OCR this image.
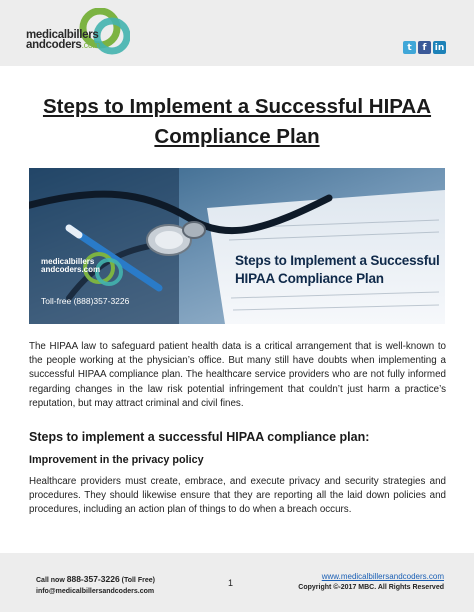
medicalbillers
andcoders.com	t f in
Steps to Implement a Successful HIPAA Compliance Plan
medicalbillers
andcoders.com
Toll-free (888)357-3226
Steps to Implement a Successful
HIPAA Compliance Plan

The HIPAA law to safeguard patient health data is a critical arrangement that is well-known to the people working at the physician’s office. But many still have doubts when implementing a successful HIPAA compliance plan. The healthcare service providers who are not fully informed regarding changes in the law risk potential infringement that couldn’t just harm a practice’s reputation, but may attract criminal and civil fines.

Steps to implement a successful HIPAA compliance plan:
Improvement in the privacy policy

Healthcare providers must create, embrace, and execute privacy and security strategies and procedures. They should likewise ensure that they are reporting all the laid down policies and procedures, including an action plan of things to do when a breach occurs.

Call now 888-357-3226 (Toll Free)
info@medicalbillersandcoders.com
1
www.medicalbillersandcoders.com
Copyright ©-2017 MBC. All Rights Reserved
